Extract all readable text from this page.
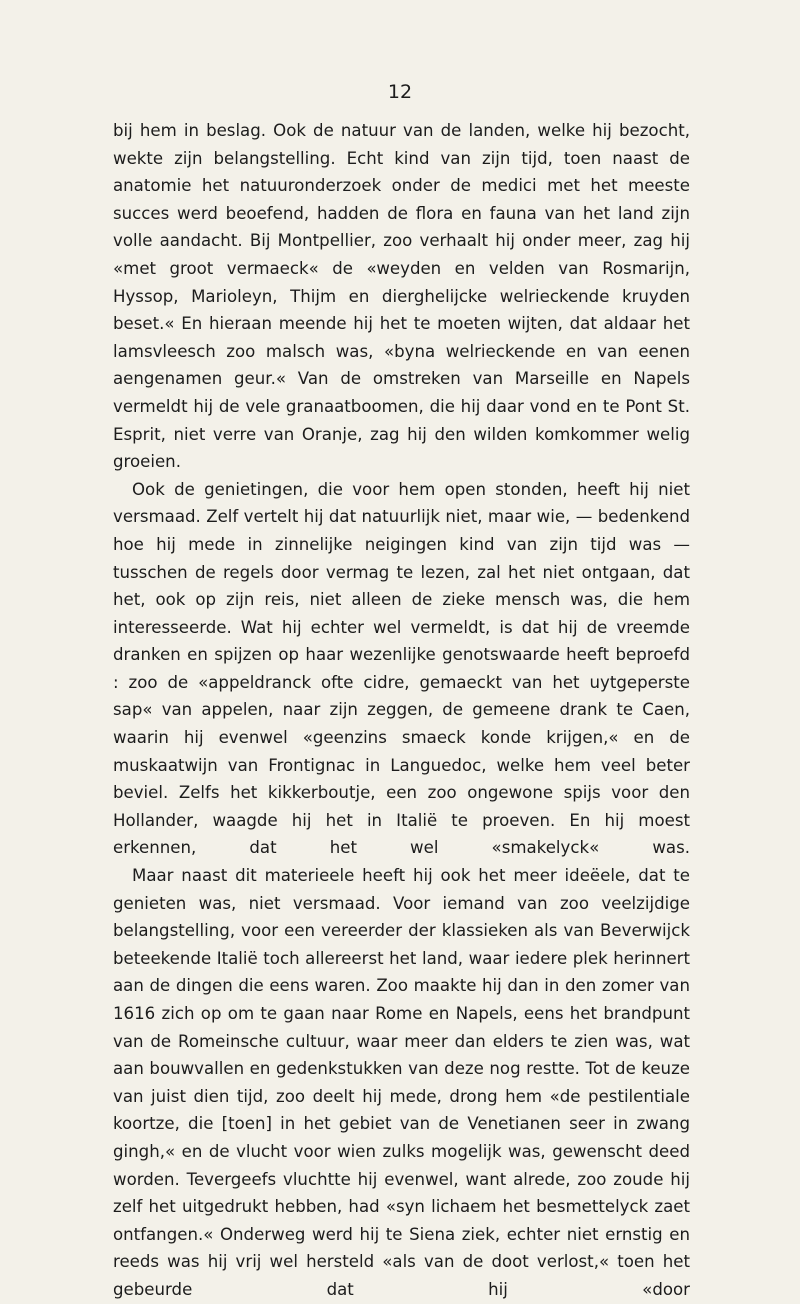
12

bij hem in beslag. Ook de natuur van de landen, welke hij bezocht, wekte zijn belangstelling. Echt kind van zijn tijd, toen naast de anatomie het natuuronderzoek onder de medici met het meeste succes werd beoefend, hadden de flora en fauna van het land zijn volle aandacht. Bij Montpellier, zoo verhaalt hij onder meer, zag hij «met groot vermaeck« de «weyden en velden van Rosmarijn, Hyssop, Marioleyn, Thijm en dierghelijcke welrieckende kruyden beset.« En hieraan meende hij het te moeten wijten, dat aldaar het lamsvleesch zoo malsch was, «byna welrieckende en van eenen aengenamen geur.« Van de omstreken van Marseille en Napels vermeldt hij de vele granaatboomen, die hij daar vond en te Pont St. Esprit, niet verre van Oranje, zag hij den wilden komkommer welig groeien.

Ook de genietingen, die voor hem open stonden, heeft hij niet versmaad. Zelf vertelt hij dat natuurlijk niet, maar wie, — bedenkend hoe hij mede in zinnelijke neigingen kind van zijn tijd was — tusschen de regels door vermag te lezen, zal het niet ontgaan, dat het, ook op zijn reis, niet alleen de zieke mensch was, die hem interesseerde. Wat hij echter wel vermeldt, is dat hij de vreemde dranken en spijzen op haar wezenlijke genotswaarde heeft beproefd : zoo de «appeldranck ofte cidre, gemaeckt van het uytgeperste sap« van appelen, naar zijn zeggen, de gemeene drank te Caen, waarin hij evenwel «geenzins smaeck konde krijgen,« en de muskaatwijn van Frontignac in Languedoc, welke hem veel beter beviel. Zelfs het kikkerboutje, een zoo ongewone spijs voor den Hollander, waagde hij het in Italië te proeven. En hij moest erkennen, dat het wel «smakelyck« was.

Maar naast dit materieele heeft hij ook het meer ideëele, dat te genieten was, niet versmaad. Voor iemand van zoo veelzijdige belangstelling, voor een vereerder der klassieken als van Beverwijck beteekende Italië toch allereerst het land, waar iedere plek herinnert aan de dingen die eens waren. Zoo maakte hij dan in den zomer van 1616 zich op om te gaan naar Rome en Napels, eens het brandpunt van de Romeinsche cultuur, waar meer dan elders te zien was, wat aan bouwvallen en gedenkstukken van deze nog restte. Tot de keuze van juist dien tijd, zoo deelt hij mede, drong hem «de pestilentiale koortze, die [toen] in het gebiet van de Venetianen seer in zwang gingh,« en de vlucht voor wien zulks mogelijk was, gewenscht deed worden. Tevergeefs vluchtte hij evenwel, want alrede, zoo zoude hij zelf het uitgedrukt hebben, had «syn lichaem het besmettelyck zaet ontfangen.« Onderweg werd hij te Siena ziek, echter niet ernstig en reeds was hij vrij wel hersteld «als van de doot verlost,« toen het gebeurde dat hij «door
